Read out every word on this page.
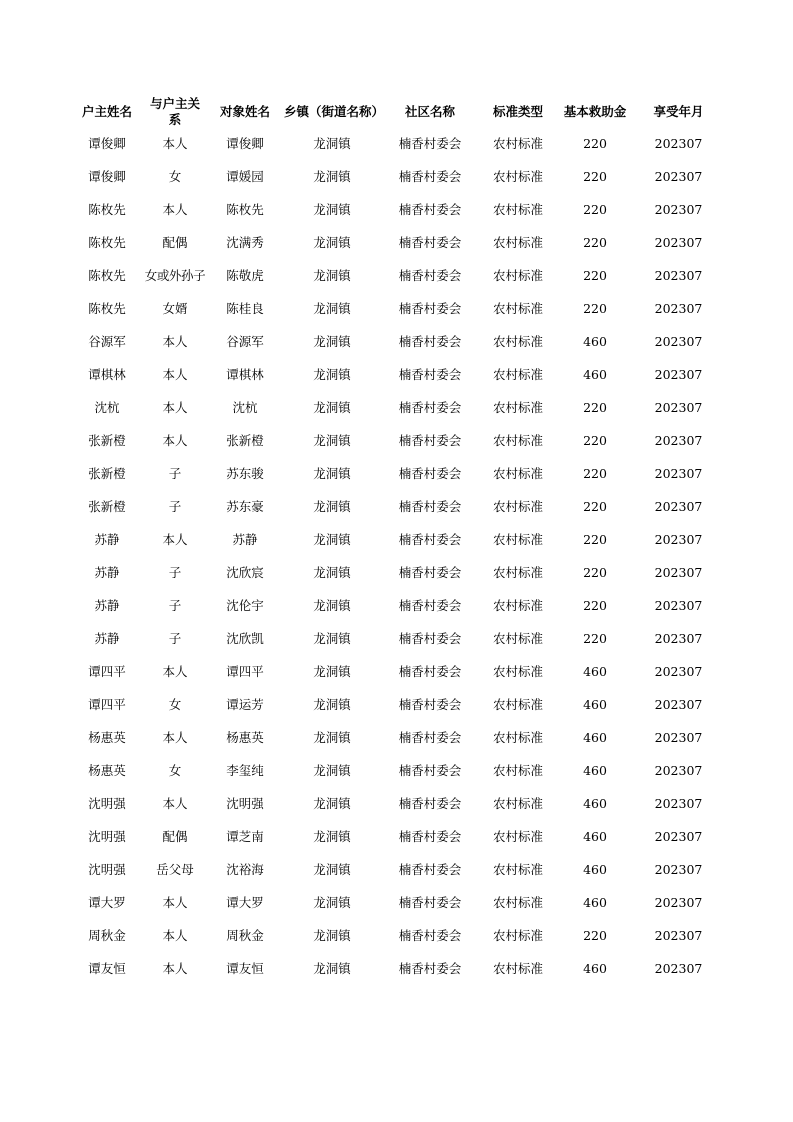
户主姓名	与户主关系	对象姓名	乡镇（街道名称）	社区名称	标准类型	基本救助金	享受年月
谭俊卿	本人	谭俊卿	龙洞镇	楠香村委会	农村标准	220	202307
谭俊卿	女	谭媛园	龙洞镇	楠香村委会	农村标准	220	202307
陈枚先	本人	陈枚先	龙洞镇	楠香村委会	农村标准	220	202307
陈枚先	配偶	沈满秀	龙洞镇	楠香村委会	农村标准	220	202307
陈枚先	女或外孙子	陈敬虎	龙洞镇	楠香村委会	农村标准	220	202307
陈枚先	女婿	陈桂良	龙洞镇	楠香村委会	农村标准	220	202307
谷源军	本人	谷源军	龙洞镇	楠香村委会	农村标准	460	202307
谭棋林	本人	谭棋林	龙洞镇	楠香村委会	农村标准	460	202307
沈杭	本人	沈杭	龙洞镇	楠香村委会	农村标准	220	202307
张新橙	本人	张新橙	龙洞镇	楠香村委会	农村标准	220	202307
张新橙	子	苏东骏	龙洞镇	楠香村委会	农村标准	220	202307
张新橙	子	苏东豪	龙洞镇	楠香村委会	农村标准	220	202307
苏静	本人	苏静	龙洞镇	楠香村委会	农村标准	220	202307
苏静	子	沈欣宸	龙洞镇	楠香村委会	农村标准	220	202307
苏静	子	沈伦宇	龙洞镇	楠香村委会	农村标准	220	202307
苏静	子	沈欣凯	龙洞镇	楠香村委会	农村标准	220	202307
谭四平	本人	谭四平	龙洞镇	楠香村委会	农村标准	460	202307
谭四平	女	谭运芳	龙洞镇	楠香村委会	农村标准	460	202307
杨惠英	本人	杨惠英	龙洞镇	楠香村委会	农村标准	460	202307
杨惠英	女	李玺纯	龙洞镇	楠香村委会	农村标准	460	202307
沈明强	本人	沈明强	龙洞镇	楠香村委会	农村标准	460	202307
沈明强	配偶	谭芝南	龙洞镇	楠香村委会	农村标准	460	202307
沈明强	岳父母	沈裕海	龙洞镇	楠香村委会	农村标准	460	202307
谭大罗	本人	谭大罗	龙洞镇	楠香村委会	农村标准	460	202307
周秋金	本人	周秋金	龙洞镇	楠香村委会	农村标准	220	202307
谭友恒	本人	谭友恒	龙洞镇	楠香村委会	农村标准	460	202307
